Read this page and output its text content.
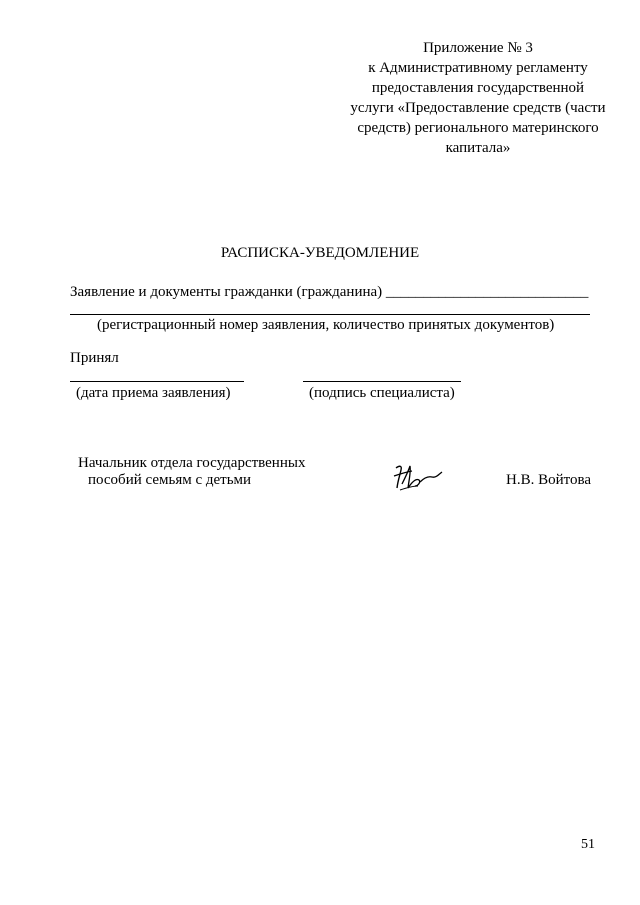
Приложение № 3
к Административному регламенту
предоставления государственной
услуги «Предоставление средств (части
средств) регионального материнского
капитала»
РАСПИСКА-УВЕДОМЛЕНИЕ
Заявление и документы гражданки (гражданина) ___________________________
(регистрационный номер заявления, количество принятых документов)
Принял
(дата приема заявления)	(подпись специалиста)
Начальник отдела государственных
пособий семьям с детьми	Н.В. Войтова
51
